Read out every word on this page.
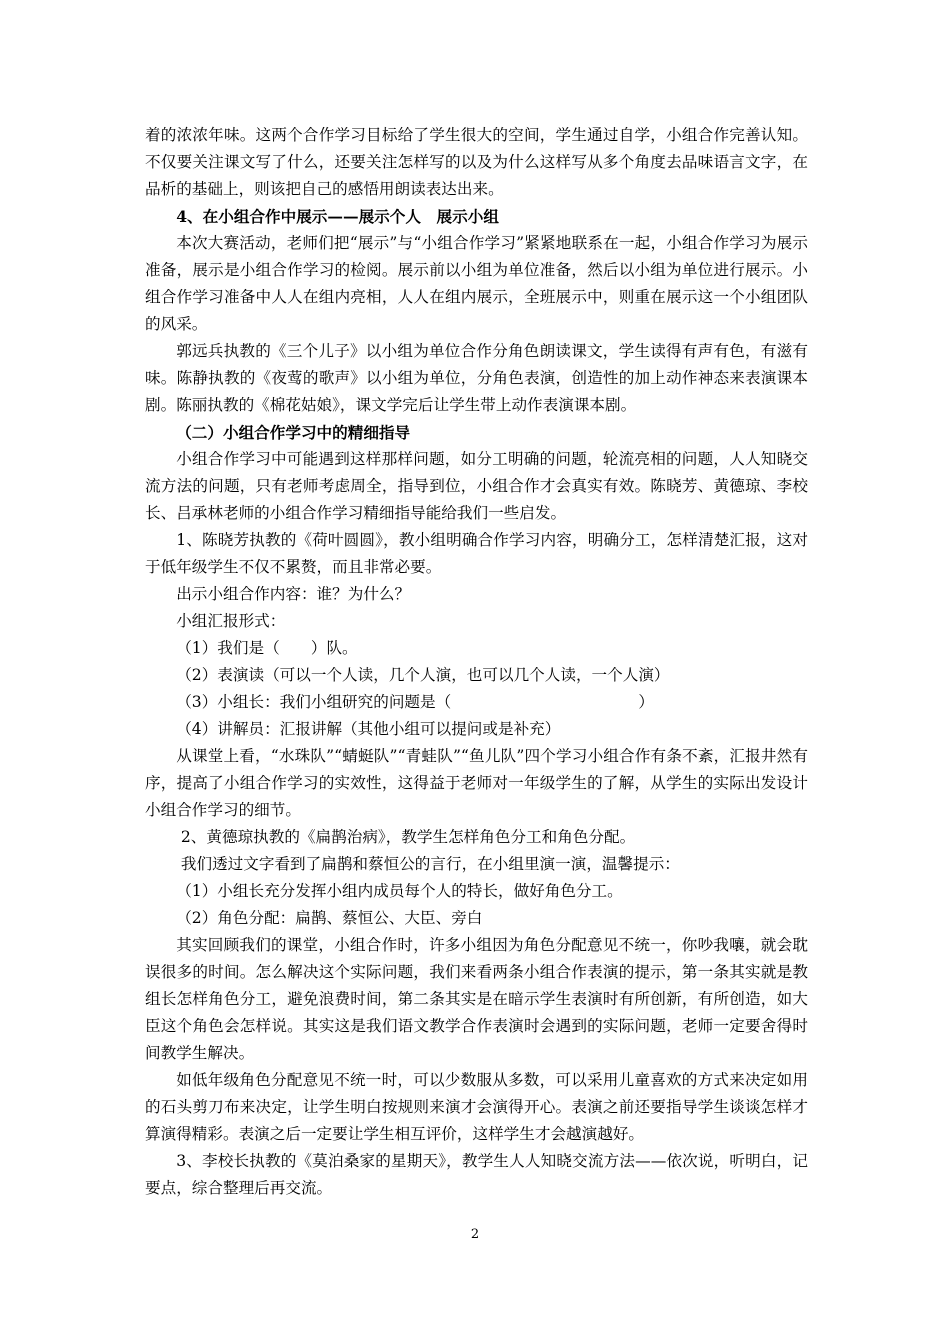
着的浓浓年味。这两个合作学习目标给了学生很大的空间，学生通过自学，小组合作完善认知。不仅要关注课文写了什么，还要关注怎样写的以及为什么这样写从多个角度去品味语言文字，在品析的基础上，则该把自己的感悟用朗读表达出来。

4、在小组合作中展示——展示个人　展示小组

本次大赛活动，老师们把“展示”与“小组合作学习”紧紧地联系在一起，小组合作学习为展示准备，展示是小组合作学习的检阅。展示前以小组为单位准备，然后以小组为单位进行展示。小组合作学习准备中人人在组内亮相，人人在组内展示，全班展示中，则重在展示这一个小组团队的风采。

郭远兵执教的《三个儿子》以小组为单位合作分角色朗读课文，学生读得有声有色，有滋有味。陈静执教的《夜莺的歌声》以小组为单位，分角色表演，创造性的加上动作神态来表演课本剧。陈丽执教的《棉花姑娘》，课文学完后让学生带上动作表演课本剧。

（二）小组合作学习中的精细指导

小组合作学习中可能遇到这样那样问题，如分工明确的问题，轮流亮相的问题，人人知晓交流方法的问题，只有老师考虑周全，指导到位，小组合作才会真实有效。陈晓芳、黄德琼、李校长、吕承林老师的小组合作学习精细指导能给我们一些启发。

1、陈晓芳执教的《荷叶圆圆》，教小组明确合作学习内容，明确分工，怎样清楚汇报，这对于低年级学生不仅不累赘，而且非常必要。

出示小组合作内容：谁？为什么？

小组汇报形式：

（1）我们是（　　）队。

（2）表演读（可以一个人读，几个人演，也可以几个人读，一个人演）

（3）小组长：我们小组研究的问题是（　　　　　　　　　　　　）

（4）讲解员：汇报讲解（其他小组可以提问或是补充）

从课堂上看，“水珠队”“蜻蜓队”“青蛙队”“鱼儿队”四个学习小组合作有条不紊，汇报井然有序，提高了小组合作学习的实效性，这得益于老师对一年级学生的了解，从学生的实际出发设计小组合作学习的细节。

2、黄德琼执教的《扁鹊治病》，教学生怎样角色分工和角色分配。

我们透过文字看到了扁鹊和蔡恒公的言行，在小组里演一演，温馨提示：

（1）小组长充分发挥小组内成员每个人的特长，做好角色分工。

（2）角色分配：扁鹊、蔡恒公、大臣、旁白

其实回顾我们的课堂，小组合作时，许多小组因为角色分配意见不统一，你吵我嚷，就会耽误很多的时间。怎么解决这个实际问题，我们来看两条小组合作表演的提示，第一条其实就是教组长怎样角色分工，避免浪费时间，第二条其实是在暗示学生表演时有所创新，有所创造，如大臣这个角色会怎样说。其实这是我们语文教学合作表演时会遇到的实际问题，老师一定要舍得时间教学生解决。

如低年级角色分配意见不统一时，可以少数服从多数，可以采用儿童喜欢的方式来决定如用的石头剪刀布来决定，让学生明白按规则来演才会演得开心。表演之前还要指导学生谈谈怎样才算演得精彩。表演之后一定要让学生相互评价，这样学生才会越演越好。

3、李校长执教的《莫泊桑家的星期天》，教学生人人知晓交流方法——依次说，听明白，记要点，综合整理后再交流。

2
